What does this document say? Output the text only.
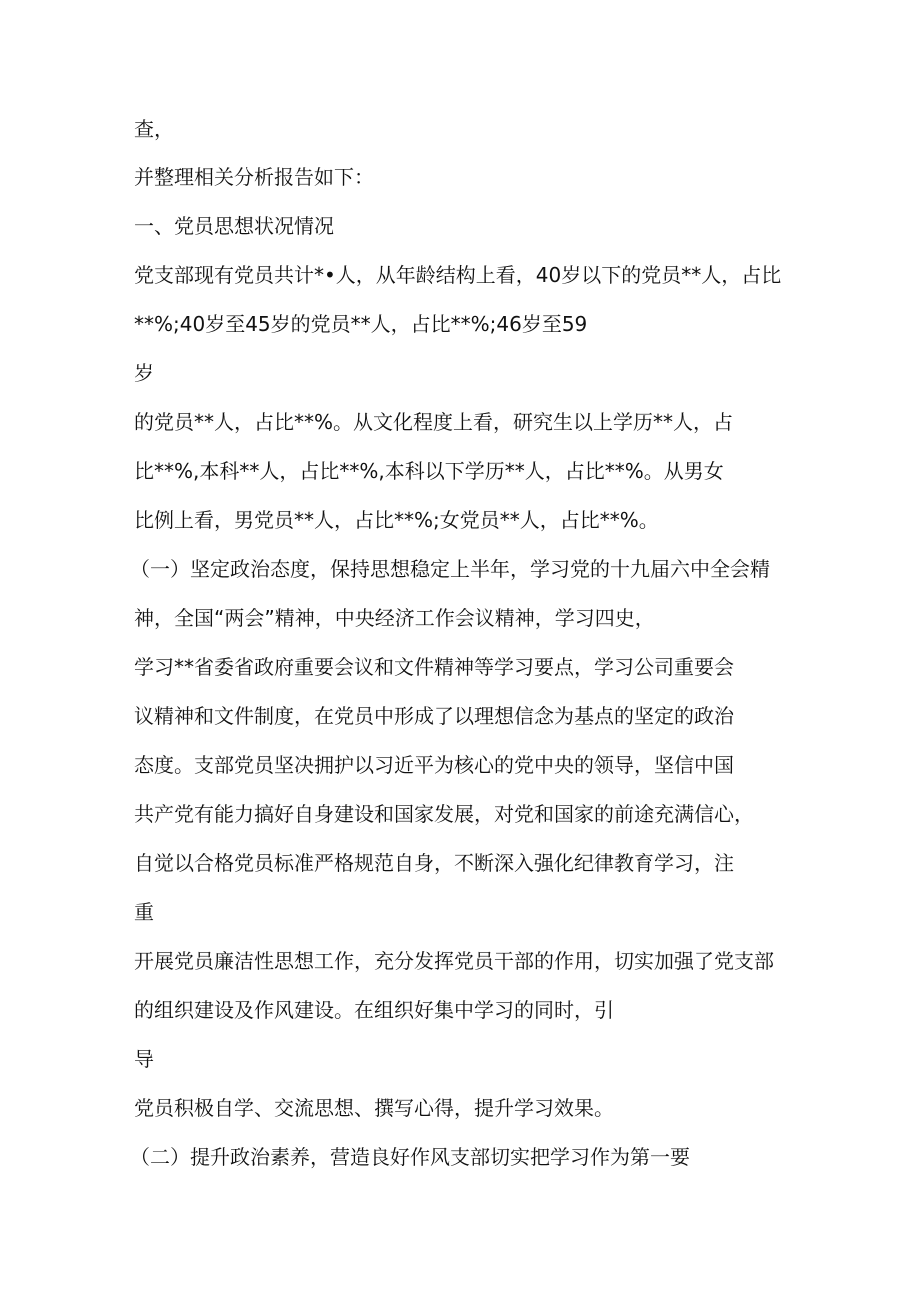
查，

并整理相关分析报告如下：

一、党员思想状况情况

党支部现有党员共计*•人，从年龄结构上看，40岁以下的党员**人，占比

**%;40岁至45岁的党员**人，占比**%;46岁至59

岁

的党员**人，占比**%。从文化程度上看，研究生以上学历**人，占

比**%,本科**人，占比**%,本科以下学历**人，占比**%。从男女

比例上看，男党员**人，占比**%;女党员**人，占比**%。

（一）坚定政治态度，保持思想稳定上半年，学习党的十九届六中全会精

神，全国“两会”精神，中央经济工作会议精神，学习四史，

学习**省委省政府重要会议和文件精神等学习要点，学习公司重要会

议精神和文件制度，在党员中形成了以理想信念为基点的坚定的政治

态度。支部党员坚决拥护以习近平为核心的党中央的领导，坚信中国

共产党有能力搞好自身建设和国家发展，对党和国家的前途充满信心，

自觉以合格党员标准严格规范自身，不断深入强化纪律教育学习，注

重

开展党员廉洁性思想工作，充分发挥党员干部的作用，切实加强了党支部

的组织建设及作风建设。在组织好集中学习的同时，引

导

党员积极自学、交流思想、撰写心得，提升学习效果。

（二）提升政治素养，营造良好作风支部切实把学习作为第一要
